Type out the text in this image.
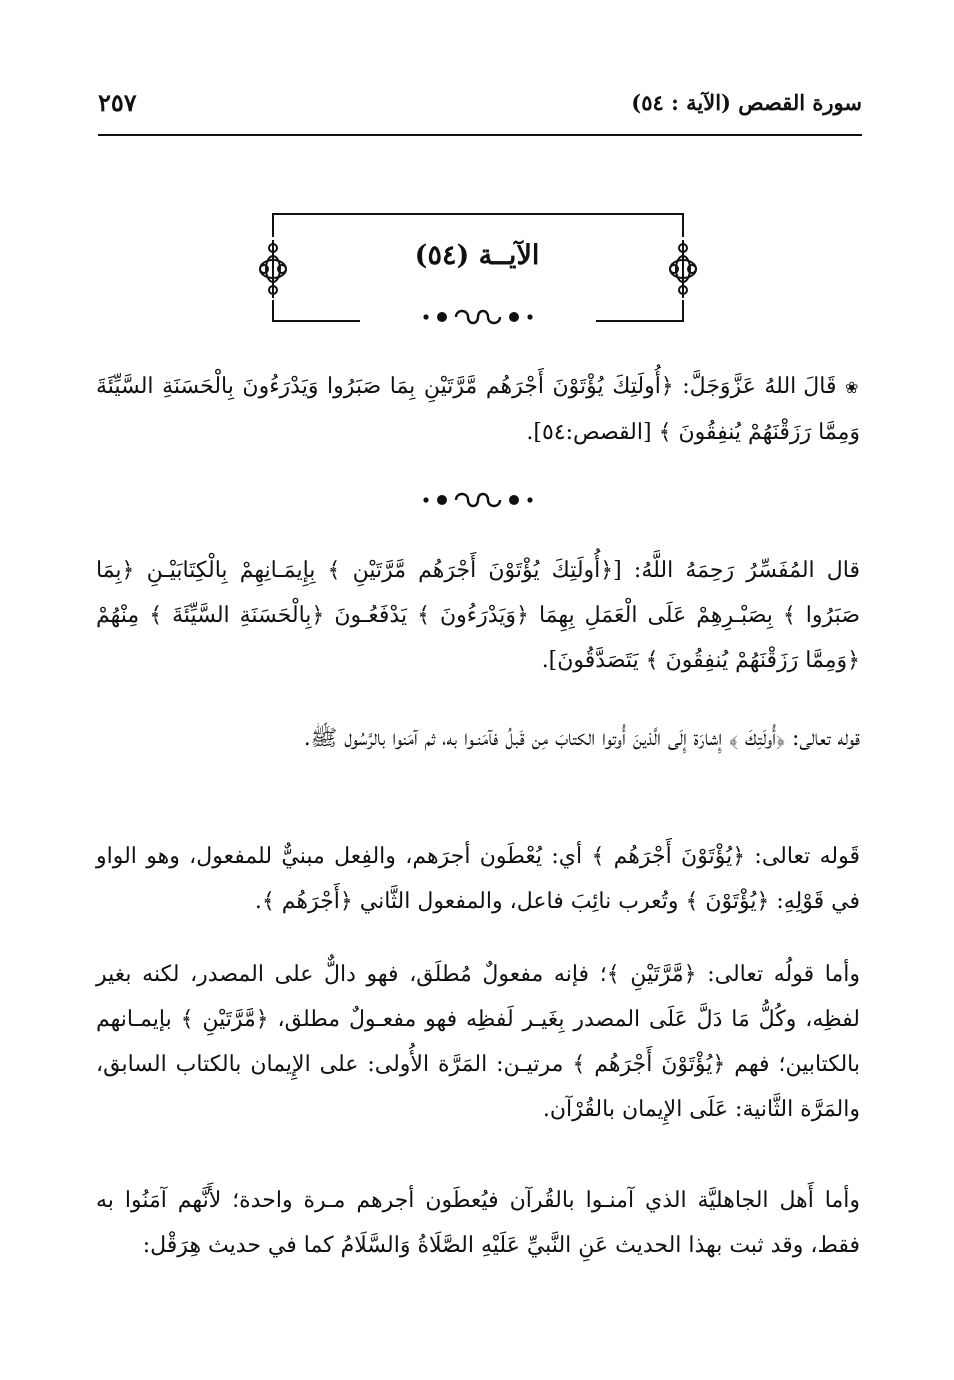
سورة القصص (الآية : ٥٤)
٢٥٧
الآيــة (٥٤)
❀ قَالَ اللهُ عَزَّوَجَلَّ: ﴿أُولَتِكَ يُؤْتَوْنَ أَجْرَهُم مَّرَّتَيْنِ بِمَا صَبَرُوا وَيَدْرَءُونَ بِالْحَسَنَةِ السَّيِّئَةَ وَمِمَّا رَزَقْنَهُمْ يُنفِقُونَ ﴾ [القصص:٥٤].
قال المُفَسِّرُ رَحِمَهُ اللَّهُ: [﴿أُولَتِكَ يُؤْتَوْنَ أَجْرَهُم مَّرَّتَيْنِ ﴾ بِإِيمَـانِهِمْ بِالْكِتَابَيْـنِ ﴿بِمَا صَبَرُوا ﴾ بِصَبْـرِهِمْ عَلَى الْعَمَلِ بِهِمَا ﴿وَيَدْرَءُونَ ﴾ يَدْفَعُـونَ ﴿بِالْحَسَنَةِ السَّيِّئَةَ ﴾ مِنْهُمْ ﴿وَمِمَّا رَزَقْنَهُمْ يُنفِقُونَ ﴾ يَتَصَدَّقُونَ].
قوله تعالى: ﴿أُولَتِكَ ﴾ إِشارَة إِلَى الَّذينَ أُوتوا الكتابَ مِن قَبلُ فآمَنـوا به، ثم آمَنوا بالرَّسُول ﷺ.
قَوله تعالى: ﴿يُؤْتَوْنَ أَجْرَهُم ﴾ أي: يُعْطَون أجرَهم، والفِعل مبنيٌّ للمفعول، وهو الواو في قَوْلِهِ: ﴿يُؤْتَوْنَ ﴾ وتُعرب نائِبَ فاعل، والمفعول الثَّاني ﴿أَجْرَهُم ﴾.
وأما قولُه تعالى: ﴿مَّرَّتَيْنِ ﴾؛ فإنه مفعولٌ مُطلَق، فهو دالٌّ على المصدر، لكنه بغير لفظِه، وكُلُّ مَا دَلَّ عَلَى المصدر بِغَيـر لَفظِه فهو مفعـولٌ مطلق، ﴿مَّرَّتَيْنِ ﴾ بإيمـانهم بالكتابين؛ فهم ﴿يُؤْتَوْنَ أَجْرَهُم ﴾ مرتيـن: المَرَّة الأُولى: على الإِيمان بالكتاب السابق، والمَرَّة الثَّانية: عَلَى الإِيمان بالقُرْآن.
وأما أَهل الجاهليَّة الذي آمنـوا بالقُرآن فيُعطَون أجرهم مـرة واحدة؛ لأَنَّهم آمَنُوا به فقط، وقد ثبت بهذا الحديث عَنِ النَّبيِّ عَلَيْهِ الصَّلَاةُ وَالسَّلَامُ كما في حديث هِرَقْل:
